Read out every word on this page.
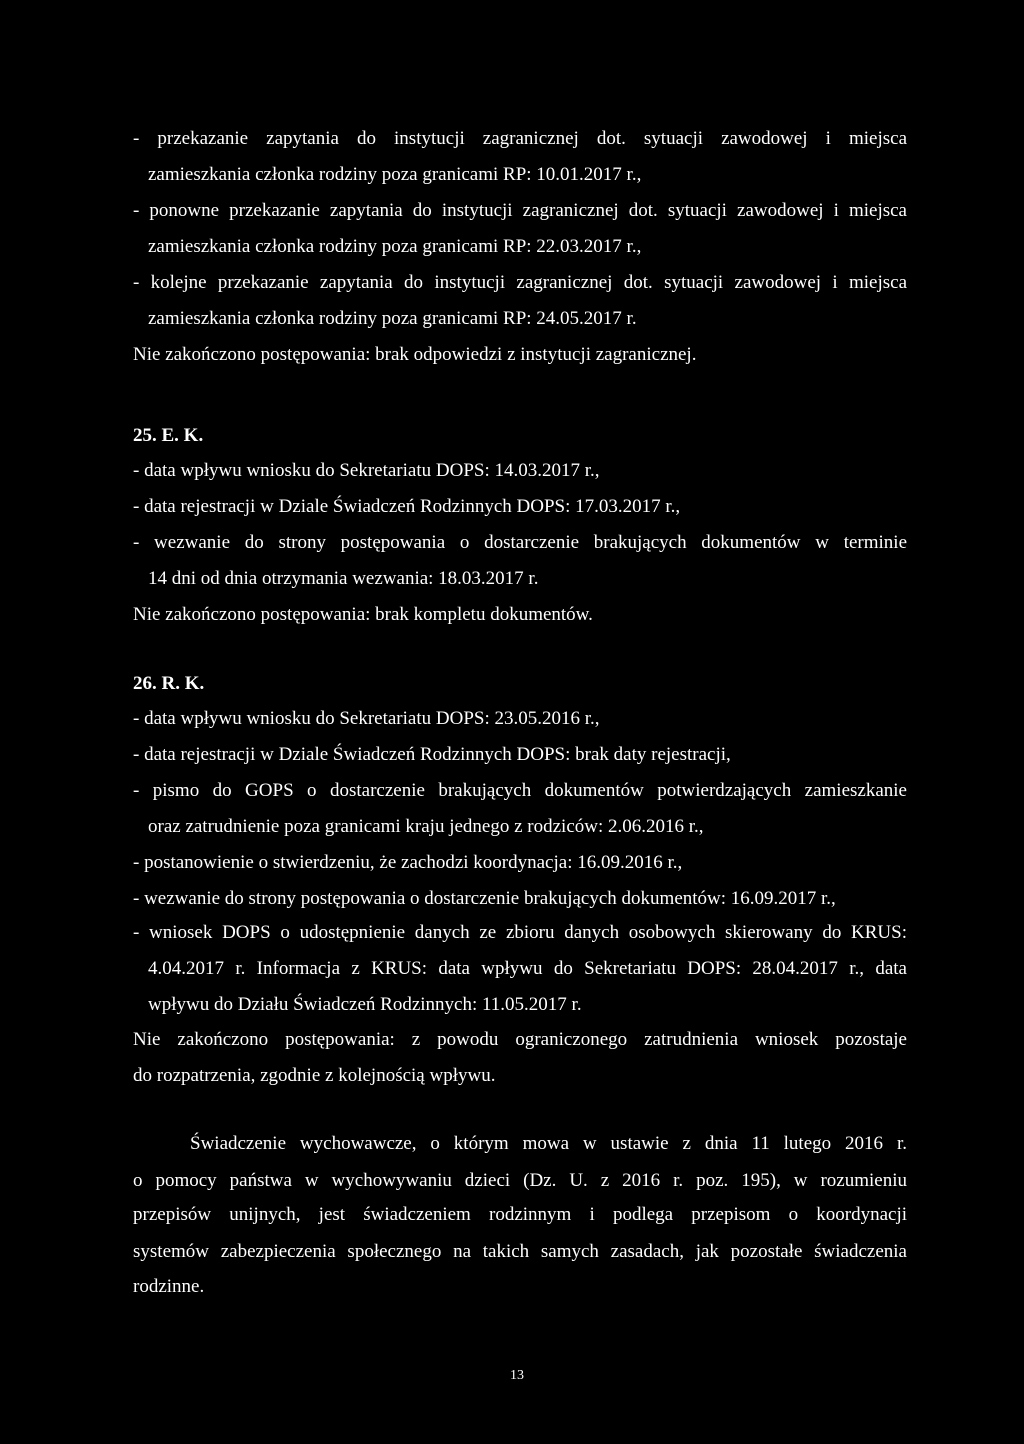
- przekazanie zapytania do instytucji zagranicznej dot. sytuacji zawodowej i miejsca
zamieszkania członka rodziny poza granicami RP: 10.01.2017 r.,
- ponowne przekazanie zapytania do instytucji zagranicznej dot. sytuacji zawodowej i miejsca
zamieszkania członka rodziny poza granicami RP: 22.03.2017 r.,
- kolejne przekazanie zapytania do instytucji zagranicznej dot. sytuacji zawodowej i miejsca
zamieszkania członka rodziny poza granicami RP: 24.05.2017 r.
Nie zakończono postępowania: brak odpowiedzi z instytucji zagranicznej.
25. E. K.
- data wpływu wniosku do Sekretariatu DOPS: 14.03.2017 r.,
- data rejestracji w Dziale Świadczeń Rodzinnych DOPS: 17.03.2017 r.,
- wezwanie do strony postępowania o dostarczenie brakujących dokumentów w terminie
14 dni od dnia otrzymania wezwania: 18.03.2017 r.
Nie zakończono postępowania: brak kompletu dokumentów.
26. R. K.
- data wpływu wniosku do Sekretariatu DOPS: 23.05.2016 r.,
- data rejestracji w Dziale Świadczeń Rodzinnych DOPS: brak daty rejestracji,
- pismo do GOPS o dostarczenie brakujących dokumentów potwierdzających zamieszkanie
oraz zatrudnienie poza granicami kraju jednego z rodziców: 2.06.2016 r.,
- postanowienie o stwierdzeniu, że zachodzi koordynacja: 16.09.2016 r.,
- wezwanie do strony postępowania o dostarczenie brakujących dokumentów: 16.09.2017 r.,
- wniosek DOPS o udostępnienie danych ze zbioru danych osobowych skierowany do KRUS:
4.04.2017 r. Informacja z KRUS: data wpływu do Sekretariatu DOPS: 28.04.2017 r., data
wpływu do Działu Świadczeń Rodzinnych: 11.05.2017 r.
Nie zakończono postępowania: z powodu ograniczonego zatrudnienia wniosek pozostaje
do rozpatrzenia, zgodnie z kolejnością wpływu.
Świadczenie wychowawcze, o którym mowa w ustawie z dnia 11 lutego 2016 r.
o pomocy państwa w wychowywaniu dzieci (Dz. U. z 2016 r. poz. 195), w rozumieniu
przepisów unijnych, jest świadczeniem rodzinnym i podlega przepisom o koordynacji
systemów zabezpieczenia społecznego na takich samych zasadach, jak pozostałe świadczenia
rodzinne.
13
